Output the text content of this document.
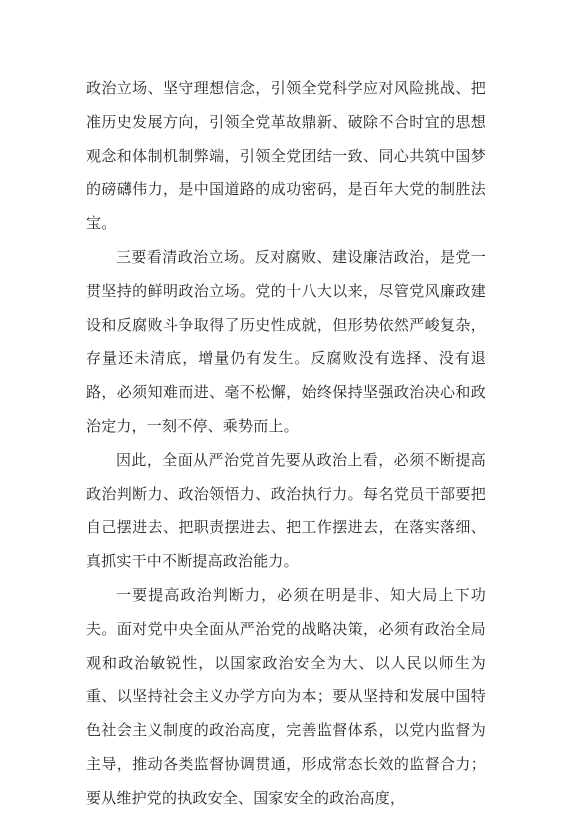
政治立场、坚守理想信念，引领全党科学应对风险挑战、把准历史发展方向，引领全党革故鼎新、破除不合时宜的思想观念和体制机制弊端，引领全党团结一致、同心共筑中国梦的磅礴伟力，是中国道路的成功密码，是百年大党的制胜法宝。

三要看清政治立场。反对腐败、建设廉洁政治，是党一贯坚持的鲜明政治立场。党的十八大以来，尽管党风廉政建设和反腐败斗争取得了历史性成就，但形势依然严峻复杂，存量还未清底，增量仍有发生。反腐败没有选择、没有退路，必须知难而进、毫不松懈，始终保持坚强政治决心和政治定力，一刻不停、乘势而上。

因此，全面从严治党首先要从政治上看，必须不断提高政治判断力、政治领悟力、政治执行力。每名党员干部要把自己摆进去、把职责摆进去、把工作摆进去，在落实落细、真抓实干中不断提高政治能力。

一要提高政治判断力，必须在明是非、知大局上下功夫。面对党中央全面从严治党的战略决策，必须有政治全局观和政治敏锐性，以国家政治安全为大、以人民以师生为重、以坚持社会主义办学方向为本；要从坚持和发展中国特色社会主义制度的政治高度，完善监督体系，以党内监督为主导，推动各类监督协调贯通，形成常态长效的监督合力；要从维护党的执政安全、国家安全的政治高度，
